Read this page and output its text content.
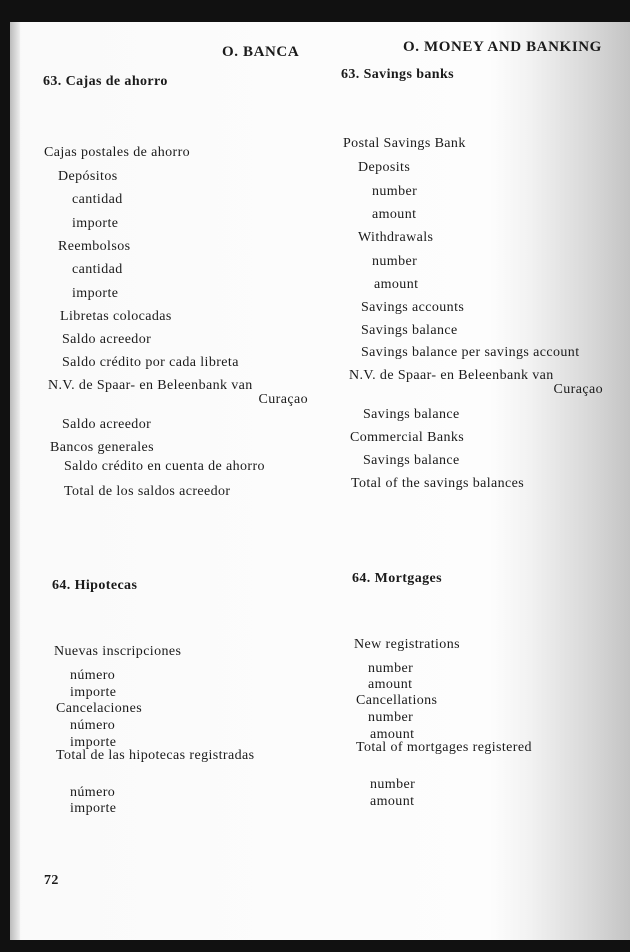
O. BANCA	O. MONEY AND BANKING
63. Cajas de ahorro	63. Savings banks
64. Hipotecas	64. Mortgages
72
Cajas postales de ahorro
Depósitos
cantidad
importe
Reembolsos
cantidad
importe
Libretas colocadas
Saldo acreedor
Saldo crédito por cada libreta
N.V. de Spaar- en Beleenbank van
Curaçao
Saldo acreedor
Bancos generales
Saldo crédito en cuenta de ahorro
Total de los saldos acreedor
Postal Savings Bank
Deposits
number
amount
Withdrawals
number
amount
Savings accounts
Savings balance
Savings balance per savings account
N.V. de Spaar- en Beleenbank van
Curaçao
Savings balance
Commercial Banks
Savings balance
Total of the savings balances
Nuevas inscripciones
número
importe
Cancelaciones
número
importe
Total de las hipotecas registradas
número
importe
New registrations
number
amount
Cancellations
number
amount
Total of mortgages registered
number
amount
